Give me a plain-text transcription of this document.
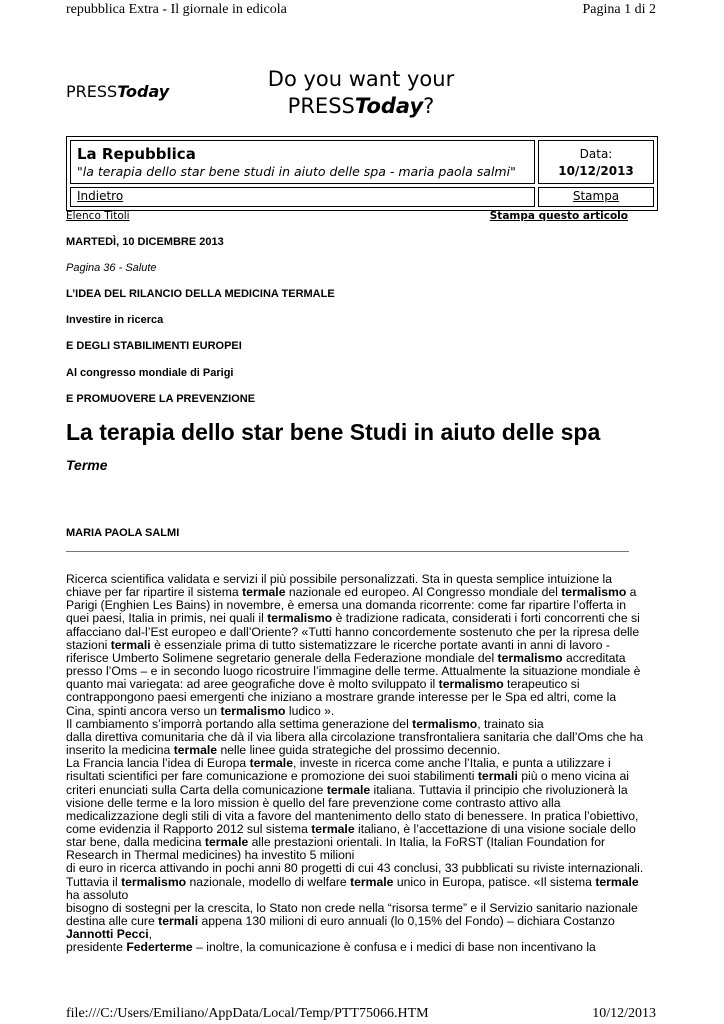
repubblica Extra - Il giornale in edicola	Pagina 1 di 2
PRESSToday
Do you want your
PRESSToday?
La Repubblica
"la terapia dello star bene studi in aiuto delle spa - maria paola salmi"
Data:
10/12/2013
Indietro	Stampa
Elenco Titoli	Stampa questo articolo
MARTEDÌ, 10 DICEMBRE 2013
Pagina 36 - Salute
L’IDEA DEL RILANCIO DELLA MEDICINA TERMALE
Investire in ricerca
E DEGLI STABILIMENTI EUROPEI
Al congresso mondiale di Parigi
E PROMUOVERE LA PREVENZIONE
La terapia dello star bene Studi in aiuto delle spa
Terme
MARIA PAOLA SALMI

Ricerca scientifica validata e servizi il più possibile personalizzati. Sta in questa semplice intuizione la

chiave per far ripartire il sistema termale nazionale ed europeo. Al Congresso mondiale del termalismo a

Parigi (Enghien Les Bains) in novembre, è emersa una domanda ricorrente: come far ripartire l’offerta in

quei paesi, Italia in primis, nei quali il termalismo è tradizione radicata, considerati i forti concorrenti che si

affacciano dal-l’Est europeo e dall’Oriente? «Tutti hanno concordemente sostenuto che per la ripresa delle

stazioni termali è essenziale prima di tutto sistematizzare le ricerche portate avanti in anni di lavoro -

riferisce Umberto Solimene segretario generale della Federazione mondiale del termalismo accreditata

presso l’Oms – e in secondo luogo ricostruire l’immagine delle terme. Attualmente la situazione mondiale è

quanto mai variegata: ad aree geografiche dove è molto sviluppato il termalismo terapeutico si

contrappongono paesi emergenti che iniziano a mostrare grande interesse per le Spa ed altri, come la

Cina, spinti ancora verso un termalismo ludico ».

Il cambiamento s’imporrà portando alla settima generazione del termalismo, trainato sia

dalla direttiva comunitaria che dà il via libera alla circolazione transfrontaliera sanitaria che dall’Oms che ha

inserito la medicina termale nelle linee guida strategiche del prossimo decennio.

La Francia lancia l’idea di Europa termale, investe in ricerca come anche l’Italia, e punta a utilizzare i

risultati scientifici per fare comunicazione e promozione dei suoi stabilimenti termali più o meno vicina ai

criteri enunciati sulla Carta della comunicazione termale italiana. Tuttavia il principio che rivoluzionerà la

visione delle terme e la loro mission è quello del fare prevenzione come contrasto attivo alla

medicalizzazione degli stili di vita a favore del mantenimento dello stato di benessere. In pratica l’obiettivo,

come evidenzia il Rapporto 2012 sul sistema termale italiano, è l’accettazione di una visione sociale dello

star bene, dalla medicina termale alle prestazioni orientali. In Italia, la FoRST (Italian Foundation for

Research in Thermal medicines) ha investito 5 milioni

di euro in ricerca attivando in pochi anni 80 progetti di cui 43 conclusi, 33 pubblicati su riviste internazionali.

Tuttavia il termalismo nazionale, modello di welfare termale unico in Europa, patisce. «Il sistema termale

ha assoluto

bisogno di sostegni per la crescita, lo Stato non crede nella “risorsa terme” e il Servizio sanitario nazionale

destina alle cure termali appena 130 milioni di euro annuali (lo 0,15% del Fondo) – dichiara Costanzo

Jannotti Pecci,

presidente Federterme – inoltre, la comunicazione è confusa e i medici di base non incentivano la

file:///C:/Users/Emiliano/AppData/Local/Temp/PTT75066.HTM	10/12/2013
